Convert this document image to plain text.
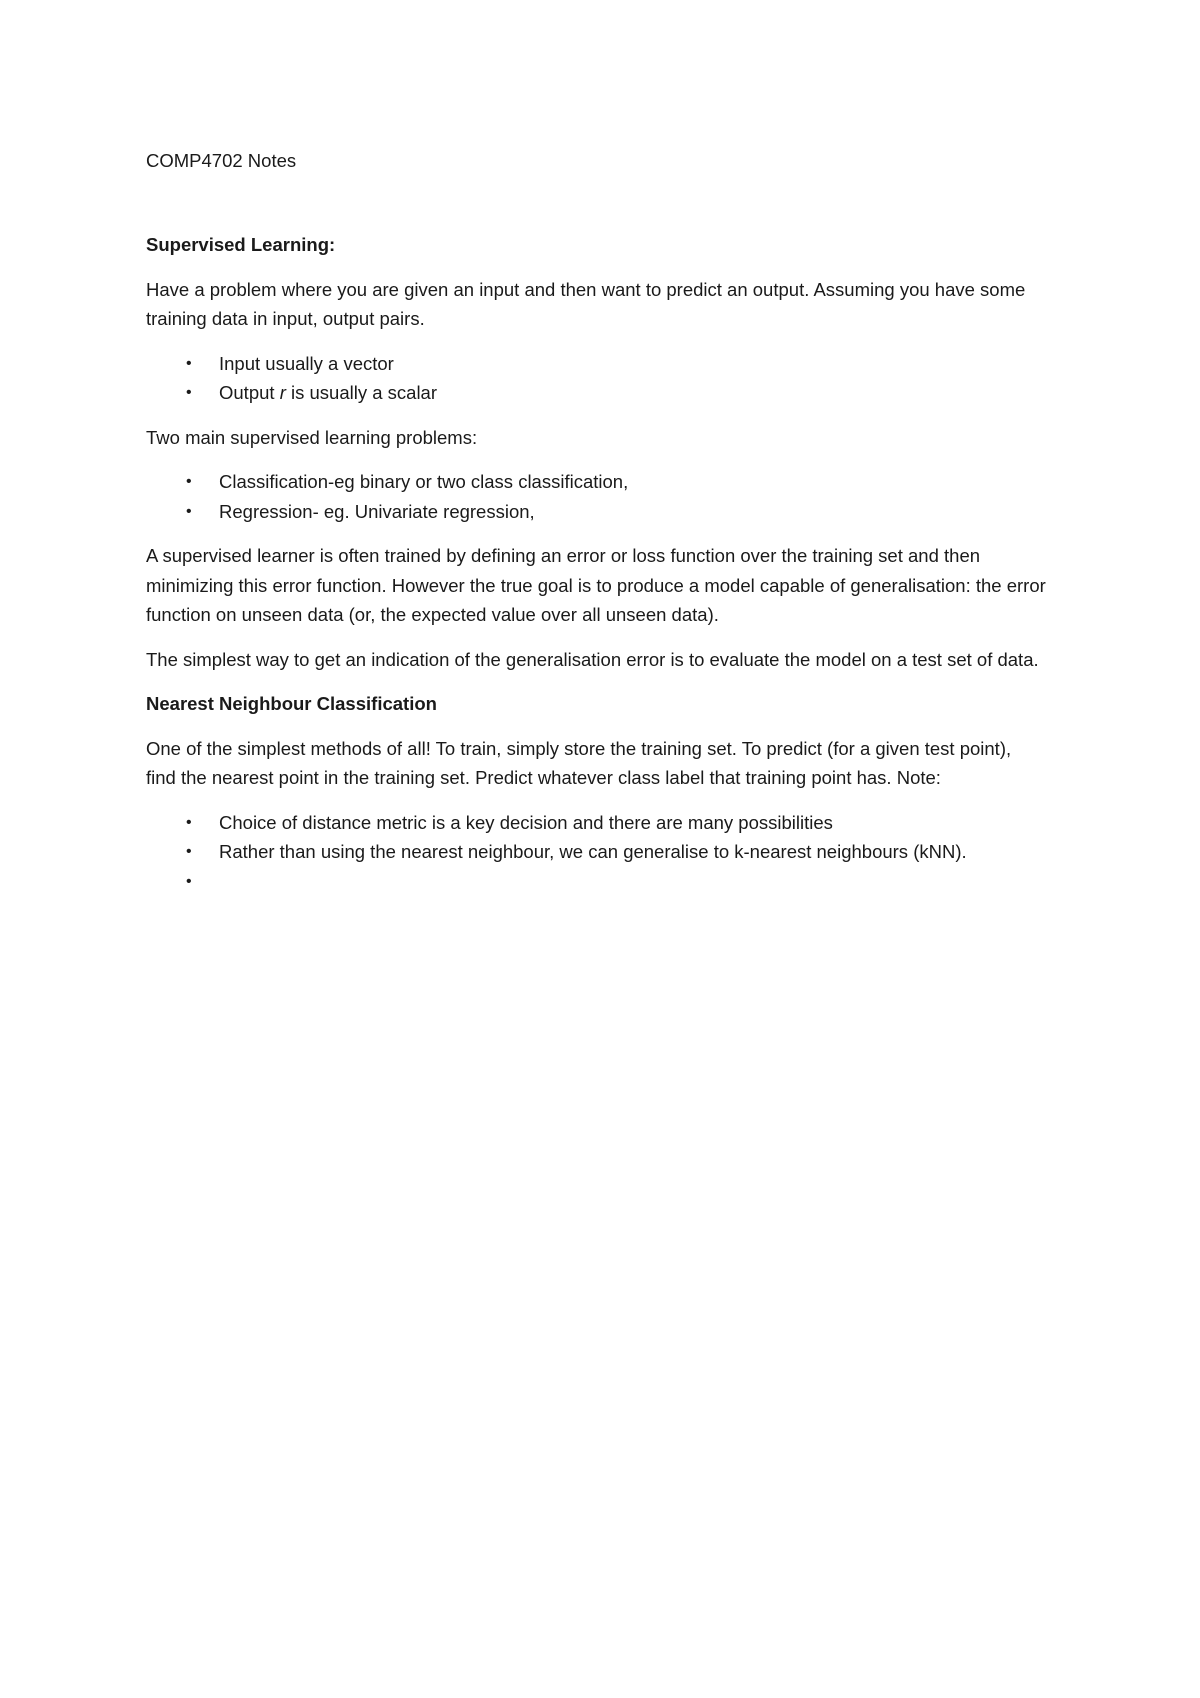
COMP4702 Notes
Supervised Learning:

Have a problem where you are given an input and then want to predict an output. Assuming you have some training data in input, output pairs.

• Input usually a vector
• Output r is usually a scalar

Two main supervised learning problems:

• Classification-eg binary or two class classification,
• Regression- eg. Univariate regression,

A supervised learner is often trained by defining an error or loss function over the training set and then minimizing this error function. However the true goal is to produce a model capable of generalisation: the error function on unseen data (or, the expected value over all unseen data).

The simplest way to get an indication of the generalisation error is to evaluate the model on a test set of data.

Nearest Neighbour Classification

One of the simplest methods of all! To train, simply store the training set. To predict (for a given test point), find the nearest point in the training set. Predict whatever class label that training point has. Note:

• Choice of distance metric is a key decision and there are many possibilities
• Rather than using the nearest neighbour, we can generalise to k-nearest neighbours (kNN).
•
